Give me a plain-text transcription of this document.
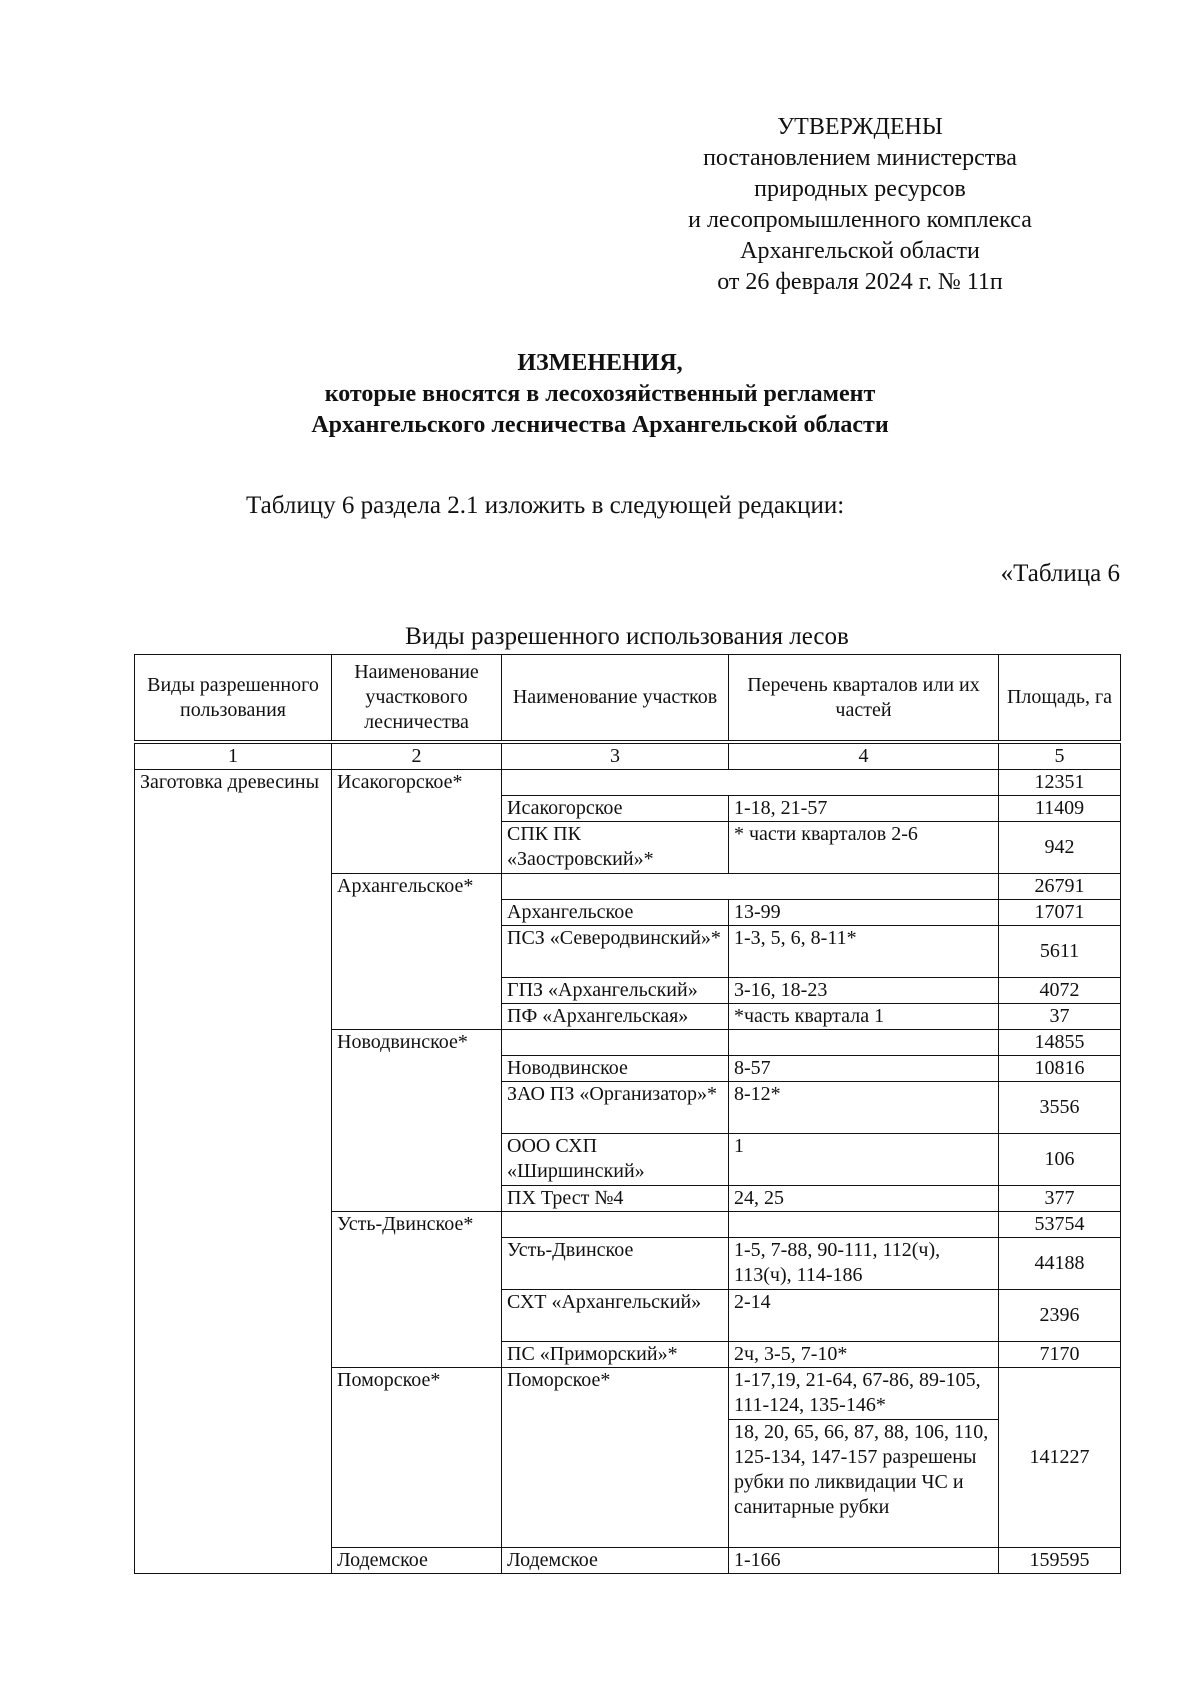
УТВЕРЖДЕНЫ
постановлением министерства
природных ресурсов
и лесопромышленного комплекса
Архангельской области
от 26 февраля 2024 г. № 11п
ИЗМЕНЕНИЯ,
которые вносятся в лесохозяйственный регламент
Архангельского лесничества Архангельской области
Таблицу 6 раздела 2.1 изложить в следующей редакции:
«Таблица 6
Виды разрешенного использования лесов
Виды разрешенного пользования	Наименование участкового лесничества	Наименование участков	Перечень кварталов или их частей	Площадь, га
1	2	3	4	5
Заготовка древесины	Исакогорское*			12351
		Исакогорское	1-18, 21-57	11409
		СПК ПК «Заостровский»*	* части кварталов 2-6	942
	Архангельское*			26791
		Архангельское	13-99	17071
		ПСЗ «Северодвинский»*	1-3, 5, 6, 8-11*	5611
		ГПЗ «Архангельский»	3-16, 18-23	4072
		ПФ «Архангельская»	*часть квартала 1	37
	Новодвинское*			14855
		Новодвинское	8-57	10816
		ЗАО ПЗ «Организатор»*	8-12*	3556
		ООО СХП «Ширшинский»	1	106
		ПХ Трест №4	24, 25	377
	Усть-Двинское*			53754
		Усть-Двинское	1-5, 7-88, 90-111, 112(ч), 113(ч), 114-186	44188
		СХТ «Архангельский»	2-14	2396
		ПС «Приморский»*	2ч, 3-5, 7-10*	7170
	Поморское*	Поморское*	1-17,19, 21-64, 67-86, 89-105, 111-124, 135-146*	141227
			18, 20, 65, 66, 87, 88, 106, 110, 125-134, 147-157 разрешены рубки по ликвидации ЧС и санитарные рубки	
	Лодемское	Лодемское	1-166	159595
